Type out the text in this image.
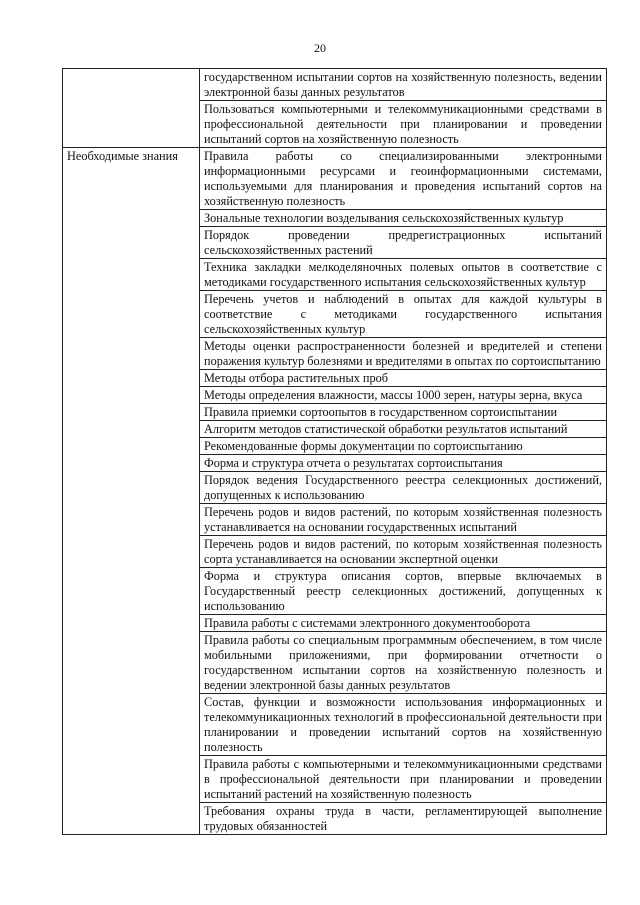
20
	государственном испытании сортов на хозяйственную полезность, ведении электронной базы данных результатов
	Пользоваться компьютерными и телекоммуникационными средствами в профессиональной деятельности при планировании и проведении испытаний сортов на хозяйственную полезность
Необходимые знания	Правила работы со специализированными электронными информационными ресурсами и геоинформационными системами, используемыми для планирования и проведения испытаний сортов на хозяйственную полезность
	Зональные технологии возделывания сельскохозяйственных культур
	Порядок проведении предрегистрационных испытаний сельскохозяйственных растений
	Техника закладки мелкоделяночных полевых опытов в соответствие с методиками государственного испытания сельскохозяйственных культур
	Перечень учетов и наблюдений в опытах для каждой культуры в соответствие с методиками государственного испытания сельскохозяйственных культур
	Методы оценки распространенности болезней и вредителей и степени поражения культур болезнями и вредителями в опытах по сортоиспытанию
	Методы отбора растительных проб
	Методы определения влажности, массы 1000 зерен, натуры зерна, вкуса
	Правила приемки сортоопытов в государственном сортоиспытании
	Алгоритм методов статистической обработки результатов испытаний
	Рекомендованные формы документации по сортоиспытанию
	Форма и структура отчета о результатах сортоиспытания
	Порядок ведения Государственного реестра селекционных достижений, допущенных к использованию
	Перечень родов и видов растений, по которым хозяйственная полезность устанавливается на основании государственных испытаний
	Перечень родов и видов растений, по которым хозяйственная полезность сорта устанавливается на основании экспертной оценки
	Форма и структура описания сортов, впервые включаемых в Государственный реестр селекционных достижений, допущенных к использованию
	Правила работы с системами электронного документооборота
	Правила работы со специальным программным обеспечением, в том числе мобильными приложениями, при формировании отчетности о государственном испытании сортов на хозяйственную полезность и ведении электронной базы данных результатов
	Состав, функции и возможности использования информационных и телекоммуникационных технологий в профессиональной деятельности при планировании и проведении испытаний сортов на хозяйственную полезность
	Правила работы с компьютерными и телекоммуникационными средствами в профессиональной деятельности при планировании и проведении испытаний растений на хозяйственную полезность
	Требования охраны труда в части, регламентирующей выполнение трудовых обязанностей
